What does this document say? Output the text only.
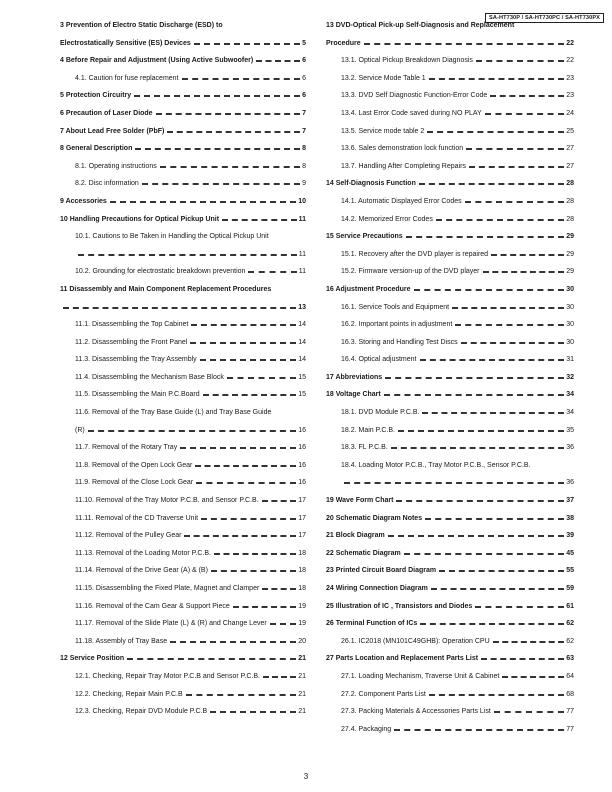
SA-HT730P / SA-HT730PC / SA-HT730PX
3 Prevention of Electro Static Discharge (ESD) to
Electrostatically Sensitive (ES) Devices	5
4 Before Repair and Adjustment (Using Active Subwoofer)	6
4.1. Caution for fuse replacement	6
5 Protection Circuitry	6
6 Precaution of Laser Diode	7
7 About Lead Free Solder (PbF)	7
8 General Description	8
8.1. Operating instructions	8
8.2. Disc information	9
9 Accessories	10
10 Handling Precautions for Optical Pickup Unit	11
10.1. Cautions to Be Taken in Handling the Optical Pickup Unit
11
10.2. Grounding for electrostatic breakdown prevention	11
11 Disassembly and Main Component Replacement Procedures
13
11.1. Disassembling the Top Cabinet	14
11.2. Disassembling the Front Panel	14
11.3. Disassembling the Tray Assembly	14
11.4. Disassembling the Mechanism Base Block	15
11.5. Disassembling the Main P.C.Board	15
11.6. Removal of the Tray Base Guide (L) and Tray Base Guide
(R)	16
11.7. Removal of the Rotary Tray	16
11.8. Removal of the Open Lock Gear	16
11.9. Removal of the Close Lock Gear	16
11.10. Removal of the Tray Motor P.C.B. and Sensor P.C.B.	17
11.11. Removal of the CD Traverse Unit	17
11.12. Removal of the Pulley Gear	17
11.13. Removal of the Loading Motor P.C.B.	18
11.14. Removal of the Drive Gear (A) & (B)	18
11.15. Disassembling the Fixed Plate, Magnet and Clamper	18
11.16. Removal of the Cam Gear & Support Piece	19
11.17. Removal of the Slide Plate (L) & (R) and Change Lever	19
11.18. Assembly of Tray Base	20
12 Service Position	21
12.1. Checking, Repair Tray Motor P.C.B and Sensor P.C.B.	21
12.2. Checking, Repair Main P.C.B	21
12.3. Checking, Repair DVD Module P.C.B	21
13 DVD-Optical Pick-up Self-Diagnosis and Replacement
Procedure	22
13.1. Optical Pickup Breakdown Diagnosis	22
13.2. Service Mode Table 1	23
13.3. DVD Self Diagnostic Function-Error Code	23
13.4. Last Error Code saved during NO PLAY	24
13.5. Service mode table 2	25
13.6. Sales demonstration lock function	27
13.7. Handling After Completing Repairs	27
14 Self-Diagnosis Function	28
14.1. Automatic Displayed Error Codes	28
14.2. Memorized Error Codes	28
15 Service Precautions	29
15.1. Recovery after the DVD player is repaired	29
15.2. Firmware version-up of the DVD player	29
16 Adjustment Procedure	30
16.1. Service Tools and Equipment	30
16.2. Important points in adjustment	30
16.3. Storing and Handling Test Discs	30
16.4. Optical adjustment	31
17 Abbreviations	32
18 Voltage Chart	34
18.1. DVD Module P.C.B.	34
18.2. Main P.C.B.	35
18.3. FL P.C.B.	36
18.4. Loading Motor P.C.B., Tray Motor P.C.B., Sensor P.C.B.
36
19 Wave Form Chart	37
20 Schematic Diagram Notes	38
21 Block Diagram	39
22 Schematic Diagram	45
23 Printed Circuit Board Diagram	55
24 Wiring Connection Diagram	59
25 Illustration of IC , Transistors and Diodes	61
26 Terminal Function of ICs	62
26.1. IC2018 (MN101C49GHB): Operation CPU	62
27 Parts Location and Replacement Parts List	63
27.1. Loading Mechanism, Traverse Unit & Cabinet	64
27.2. Component Parts List	68
27.3. Packing Materials & Accessories Parts List	77
27.4. Packaging	77
3
